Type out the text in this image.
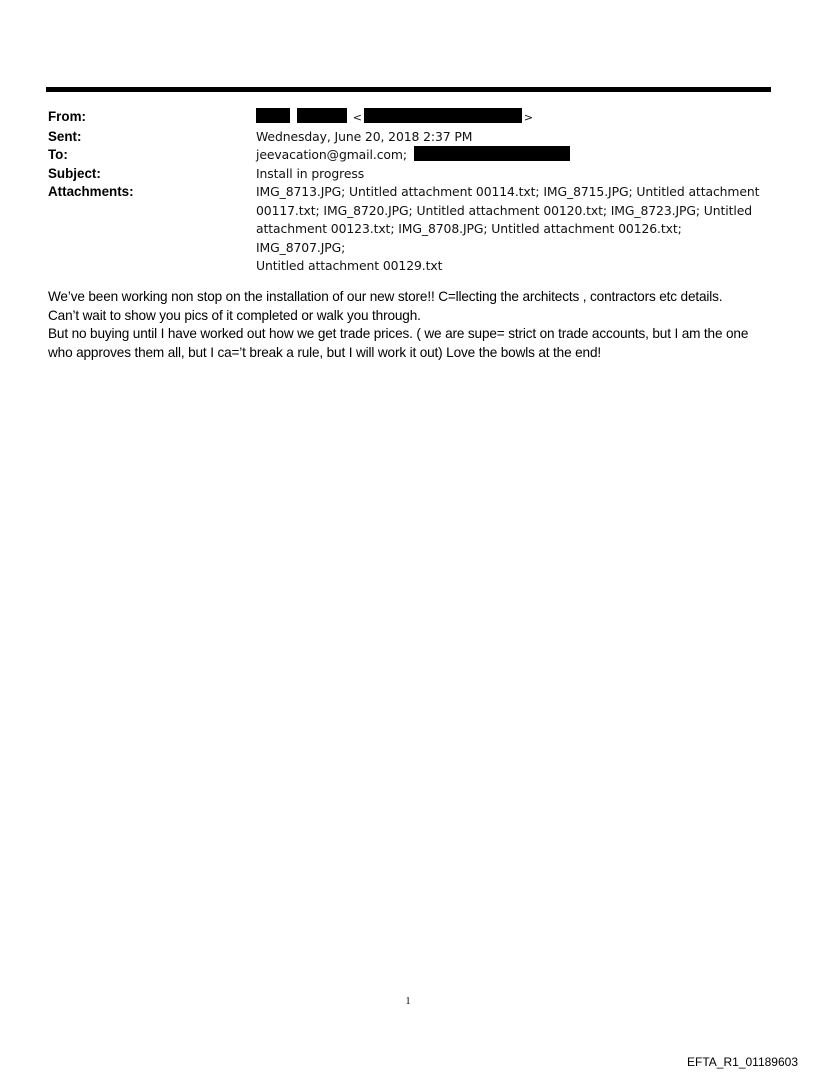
From:	<	>
Sent:	Wednesday, June 20, 2018 2:37 PM
To:	jeevacation@gmail.com;
Subject:	Install in progress
Attachments:	IMG_8713.JPG; Untitled attachment 00114.txt; IMG_8715.JPG; Untitled attachment
00117.txt; IMG_8720.JPG; Untitled attachment 00120.txt; IMG_8723.JPG; Untitled
attachment 00123.txt; IMG_8708.JPG; Untitled attachment 00126.txt; IMG_8707.JPG;
Untitled attachment 00129.txt

We’ve been working non stop on the installation of our new store!! C=llecting the architects , contractors etc details.

Can’t wait to show you pics of it completed or walk you through.

But no buying until I have worked out how we get trade prices. ( we are supe= strict on trade accounts, but I am the one

who approves them all, but I ca=’t break a rule, but I will work it out) Love the bowls at the end!

1
EFTA_R1_01189603
